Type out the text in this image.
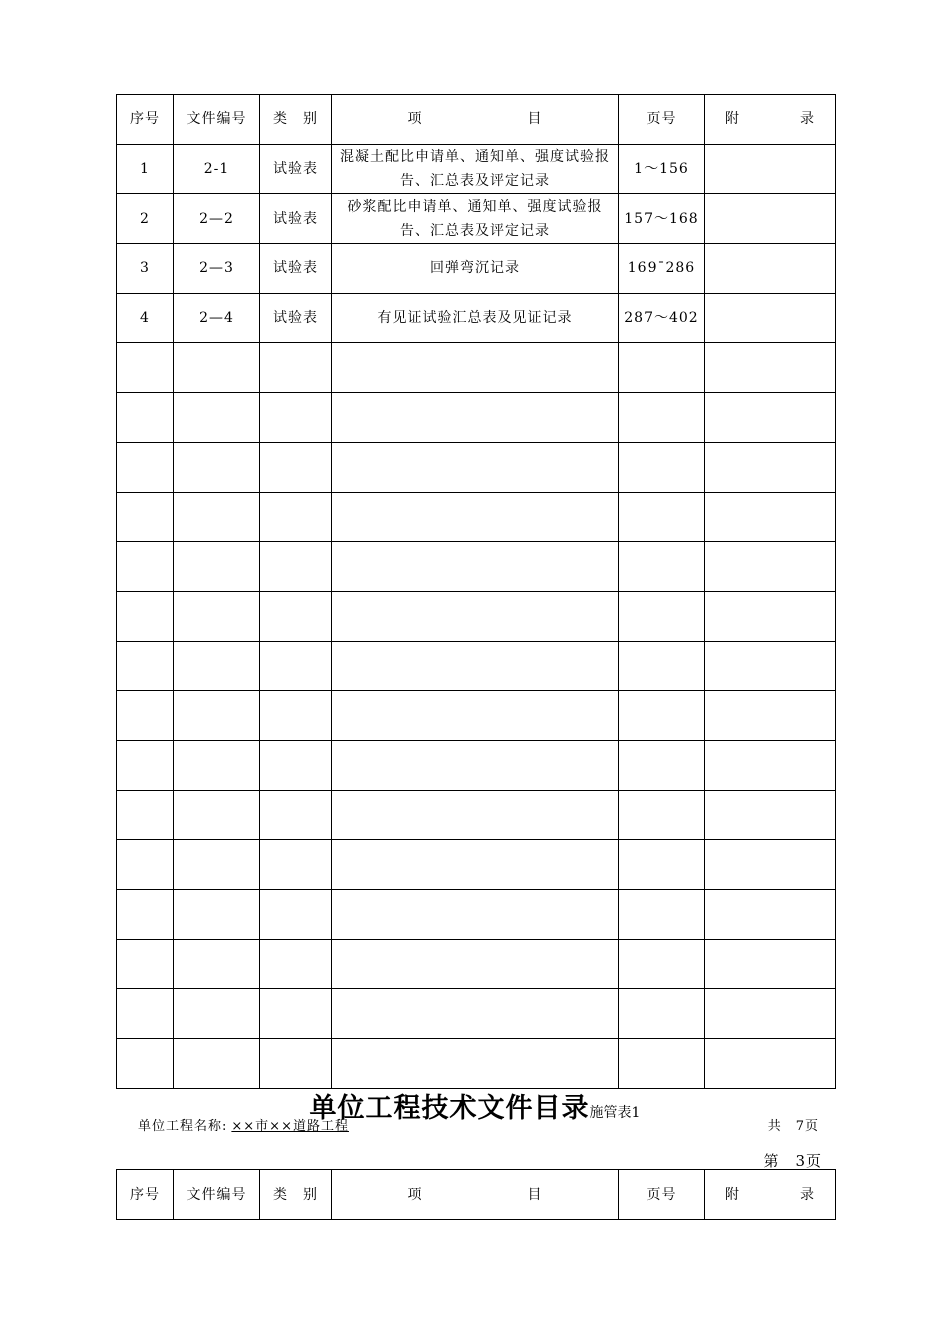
序号	文件编号	类　别	项　　　　　　　目	页号	附　　　　录
1	2-1	试验表	混凝土配比申请单、通知单、强度试验报告、汇总表及评定记录	1～156	
2	2—2	试验表	砂浆配比申请单、通知单、强度试验报告、汇总表及评定记录	157～168	
3	2—3	试验表	回弹弯沉记录	169¯286	
4	2—4	试验表	有见证试验汇总表及见证记录	287～402	

单位工程技术文件目录施管表1
单位工程名称: ××市××道路工程	共　7页
第　3页
序号	文件编号	类　别	项　　　　　　　目	页号	附　　　　录
